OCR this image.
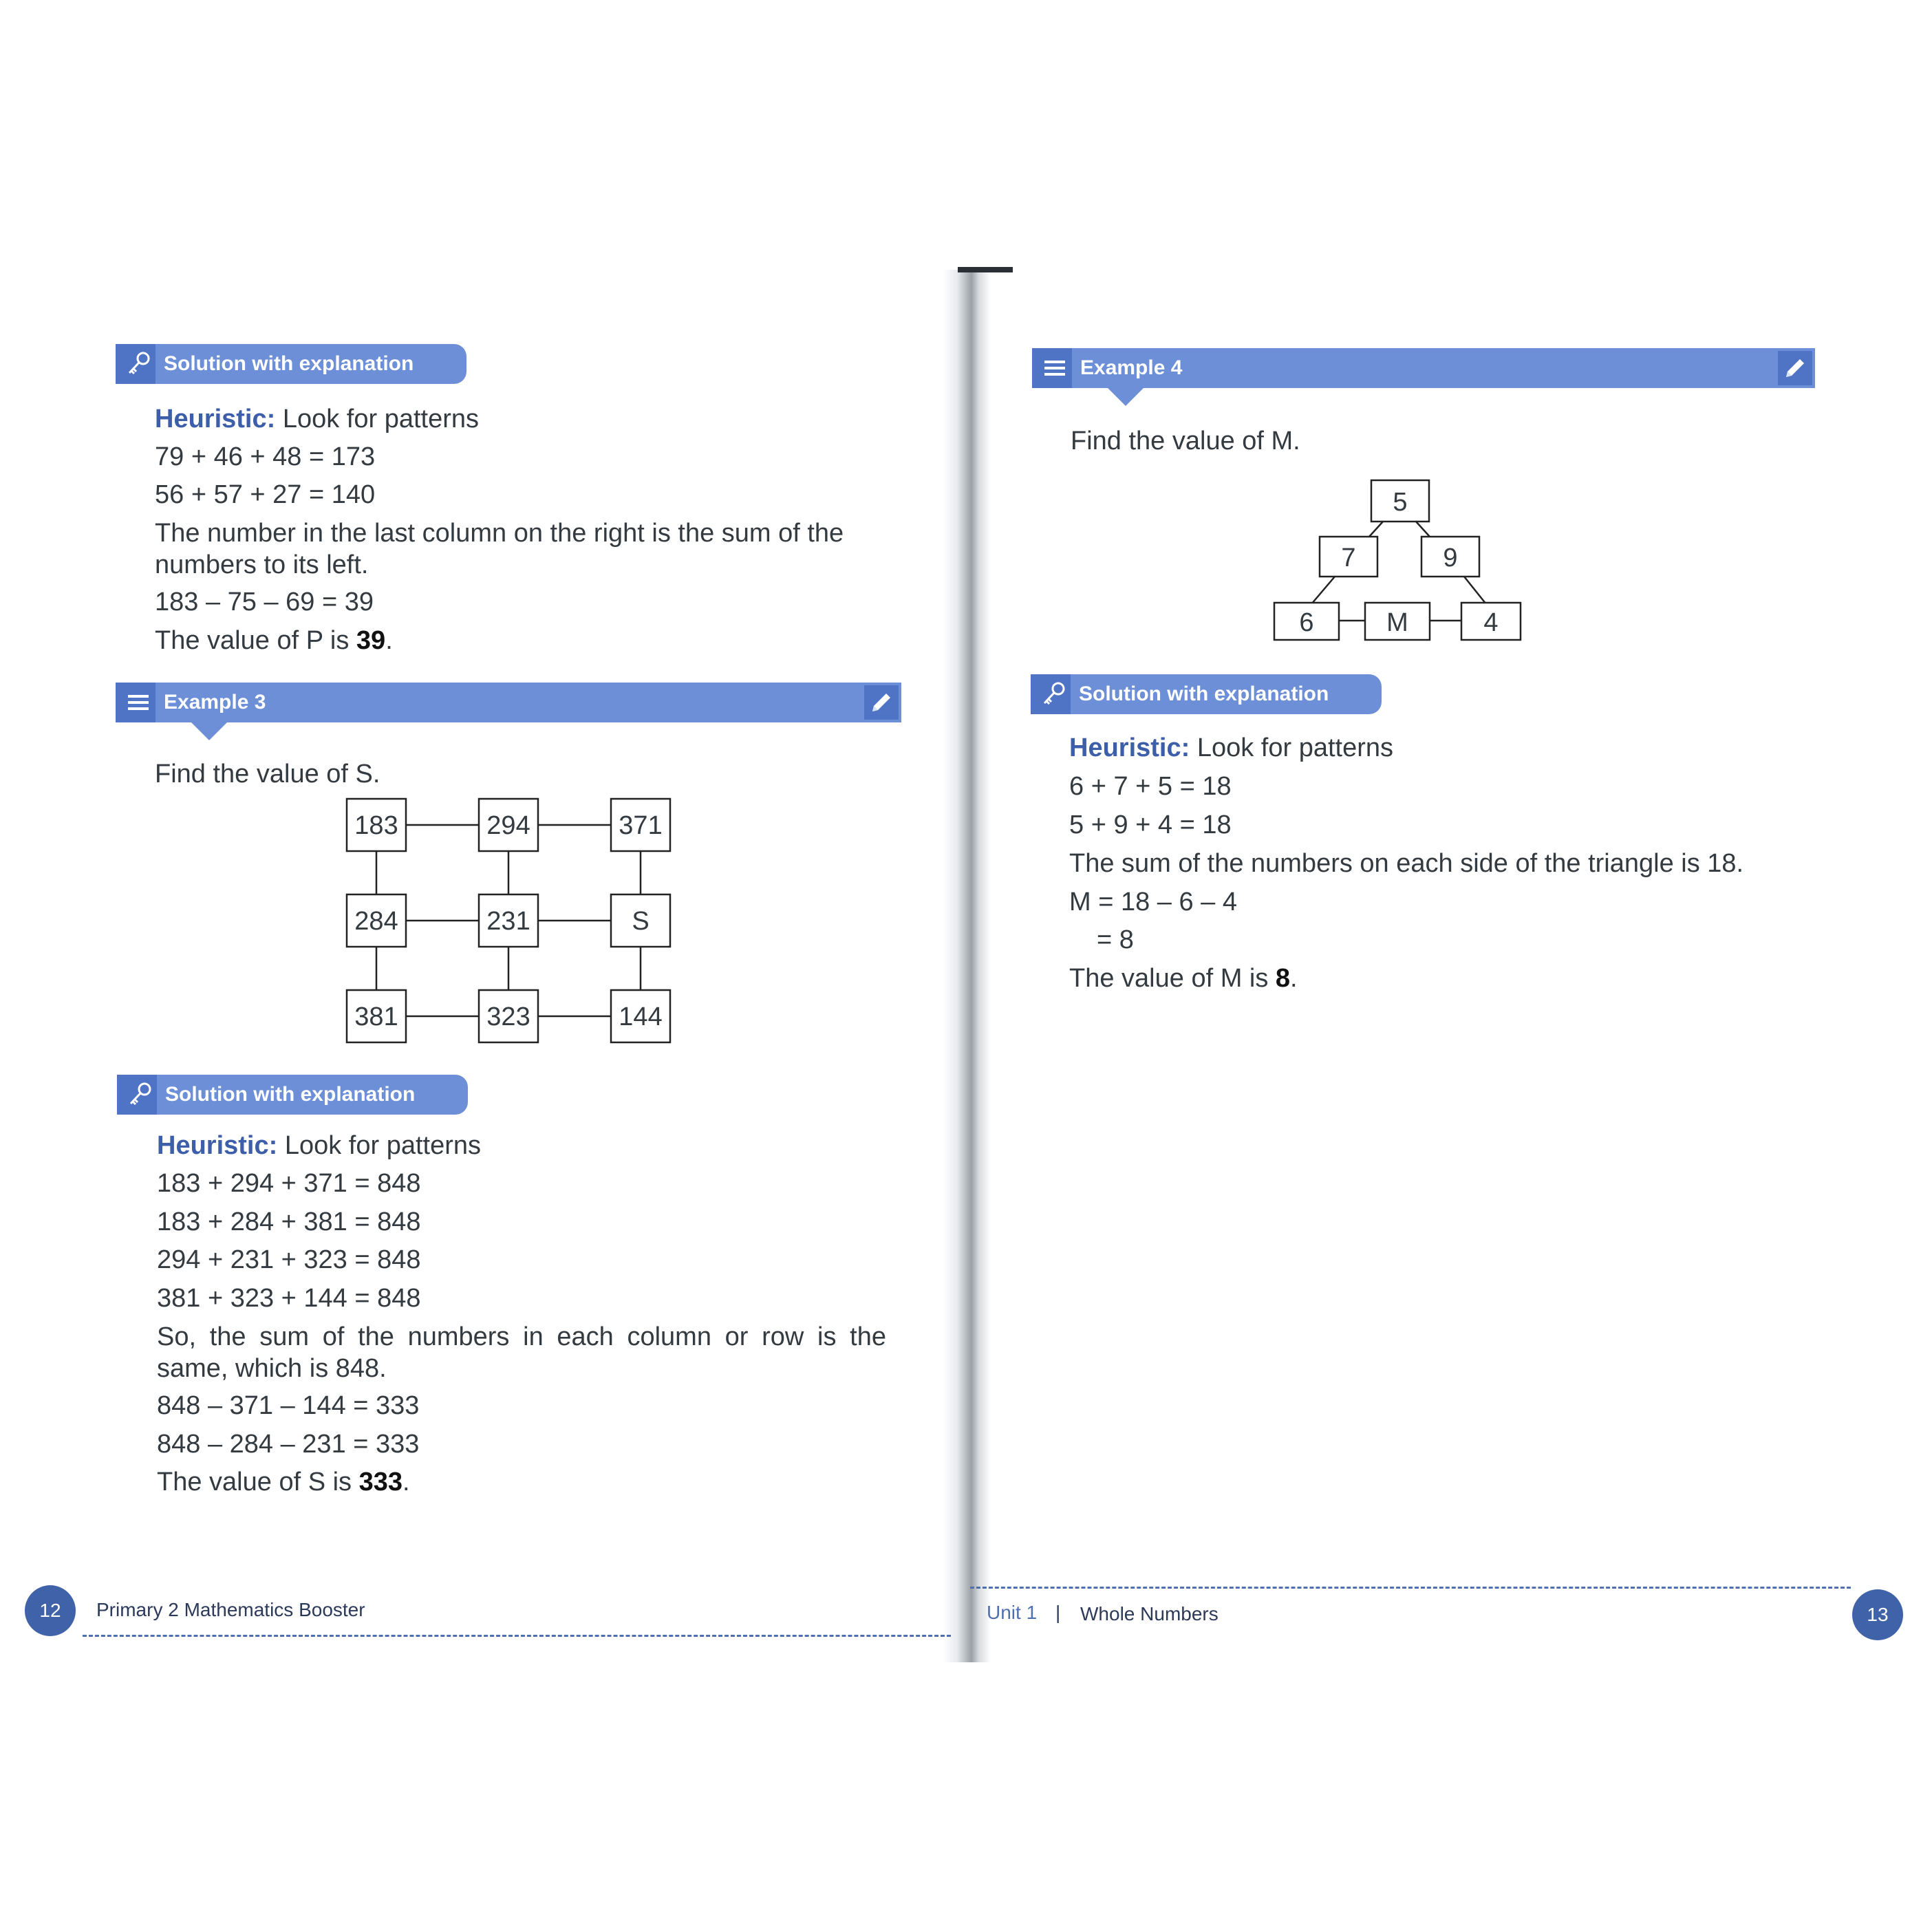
Solution with explanation
Heuristic: Look for patterns
79 + 46 + 48 = 173
56 + 57 + 27 = 140
The number in the last column on the right is the sum of the numbers to its left.
183 – 75 – 69 = 39
The value of P is 39.
Example 3
Find the value of S.
183	294	371
284	231	S
381	323	144
Solution with explanation
Heuristic: Look for patterns
183 + 294 + 371 = 848
183 + 284 + 381 = 848
294 + 231 + 323 = 848
381 + 323 + 144 = 848
So, the sum of the numbers in each column or row is the same, which is 848.
848 – 371 – 144 = 333
848 – 284 – 231 = 333
The value of S is 333.
12	Primary 2 Mathematics Booster
Example 4
Find the value of M.
5
7	9
6	M	4
Solution with explanation
Heuristic: Look for patterns
6 + 7 + 5 = 18
5 + 9 + 4 = 18
The sum of the numbers on each side of the triangle is 18.
M = 18 – 6 – 4
= 8
The value of M is 8.
Unit 1 | Whole Numbers	13
